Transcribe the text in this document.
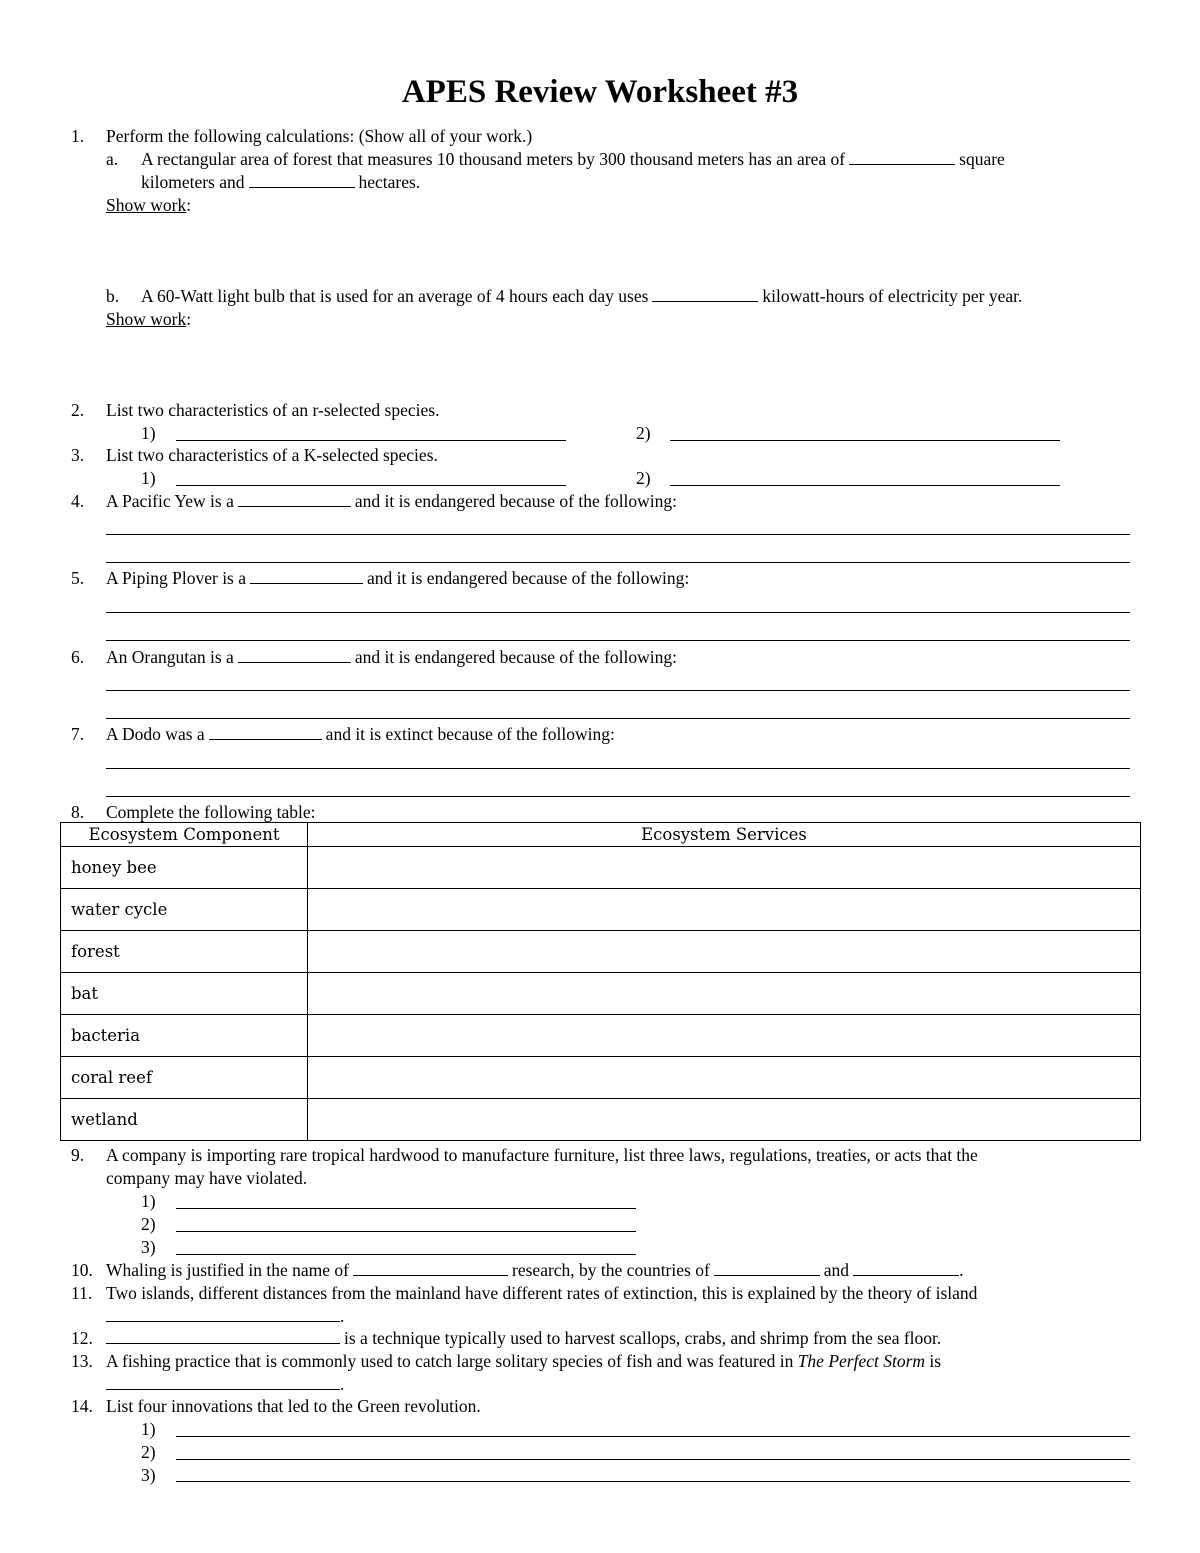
APES Review Worksheet #3
1. Perform the following calculations: (Show all of your work.)
a. A rectangular area of forest that measures 10 thousand meters by 300 thousand meters has an area of	square
kilometers and	hectares.
Show work:
b. A 60-Watt light bulb that is used for an average of 4 hours each day uses	kilowatt-hours of electricity per year.
Show work:
2. List two characteristics of an r-selected species.
1)	2)
3. List two characteristics of a K-selected species.
1)	2)
4. A Pacific Yew is a	and it is endangered because of the following:
5. A Piping Plover is a	and it is endangered because of the following:
6. An Orangutan is a	and it is endangered because of the following:
7. A Dodo was a	and it is extinct because of the following:
8. Complete the following table:
Ecosystem Component	Ecosystem Services
honey bee	
water cycle	
forest	
bat	
bacteria	
coral reef	
wetland	
9. A company is importing rare tropical hardwood to manufacture furniture, list three laws, regulations, treaties, or acts that the
company may have violated.
1)
2)
3)
10. Whaling is justified in the name of	research, by the countries of	and	.
11. Two islands, different distances from the mainland have different rates of extinction, this is explained by the theory of island
.
12.	is a technique typically used to harvest scallops, crabs, and shrimp from the sea floor.
13. A fishing practice that is commonly used to catch large solitary species of fish and was featured in The Perfect Storm is
.
14. List four innovations that led to the Green revolution.
1)
2)
3)
